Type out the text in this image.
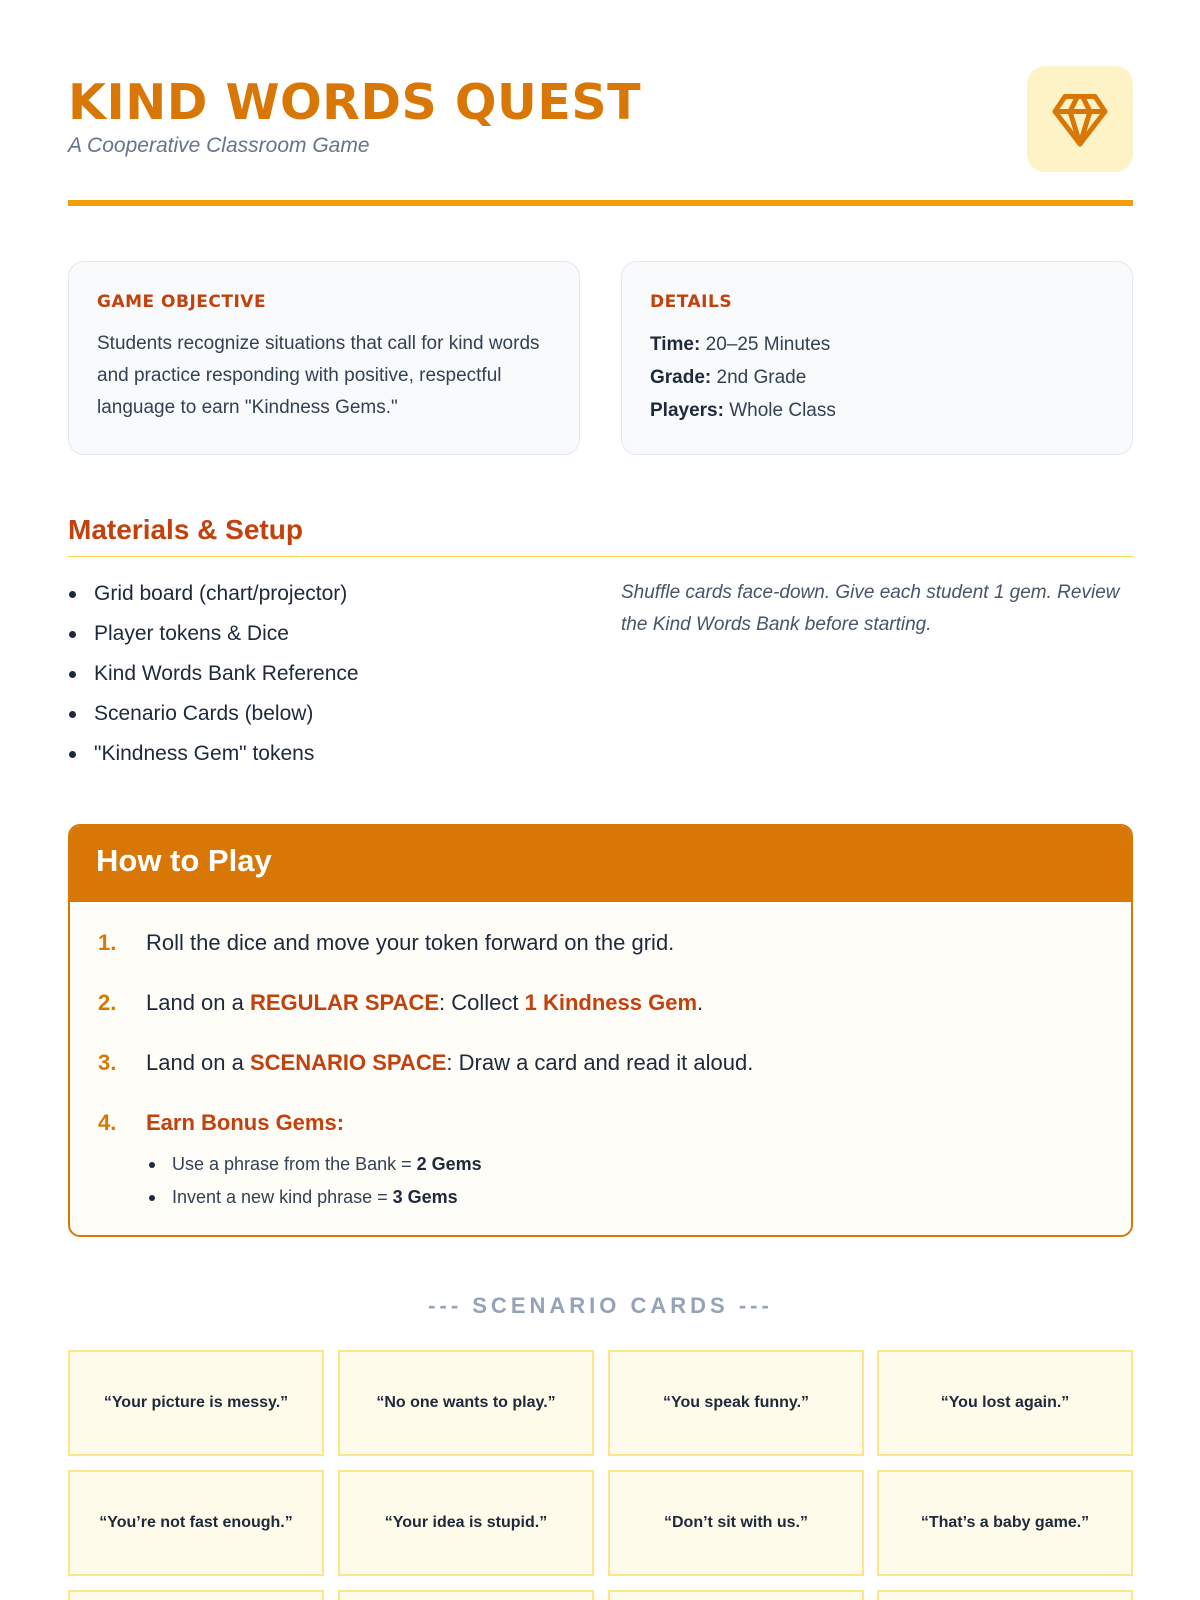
KIND WORDS QUEST
A Cooperative Classroom Game
GAME OBJECTIVE
Students recognize situations that call for kind words and practice responding with positive, respectful language to earn "Kindness Gems."
DETAILS
Time: 20–25 Minutes
Grade: 2nd Grade
Players: Whole Class
Materials & Setup
Grid board (chart/projector)
Player tokens & Dice
Kind Words Bank Reference
Scenario Cards (below)
"Kindness Gem" tokens
Shuffle cards face-down. Give each student 1 gem. Review the Kind Words Bank before starting.
How to Play
1. Roll the dice and move your token forward on the grid.
2. Land on a REGULAR SPACE: Collect 1 Kindness Gem.
3. Land on a SCENARIO SPACE: Draw a card and read it aloud.
4. Earn Bonus Gems:
Use a phrase from the Bank = 2 Gems
Invent a new kind phrase = 3 Gems
--- SCENARIO CARDS ---
“Your picture is messy.”	“No one wants to play.”	“You speak funny.”	“You lost again.”
“You’re not fast enough.”	“Your idea is stupid.”	“Don’t sit with us.”	“That’s a baby game.”
